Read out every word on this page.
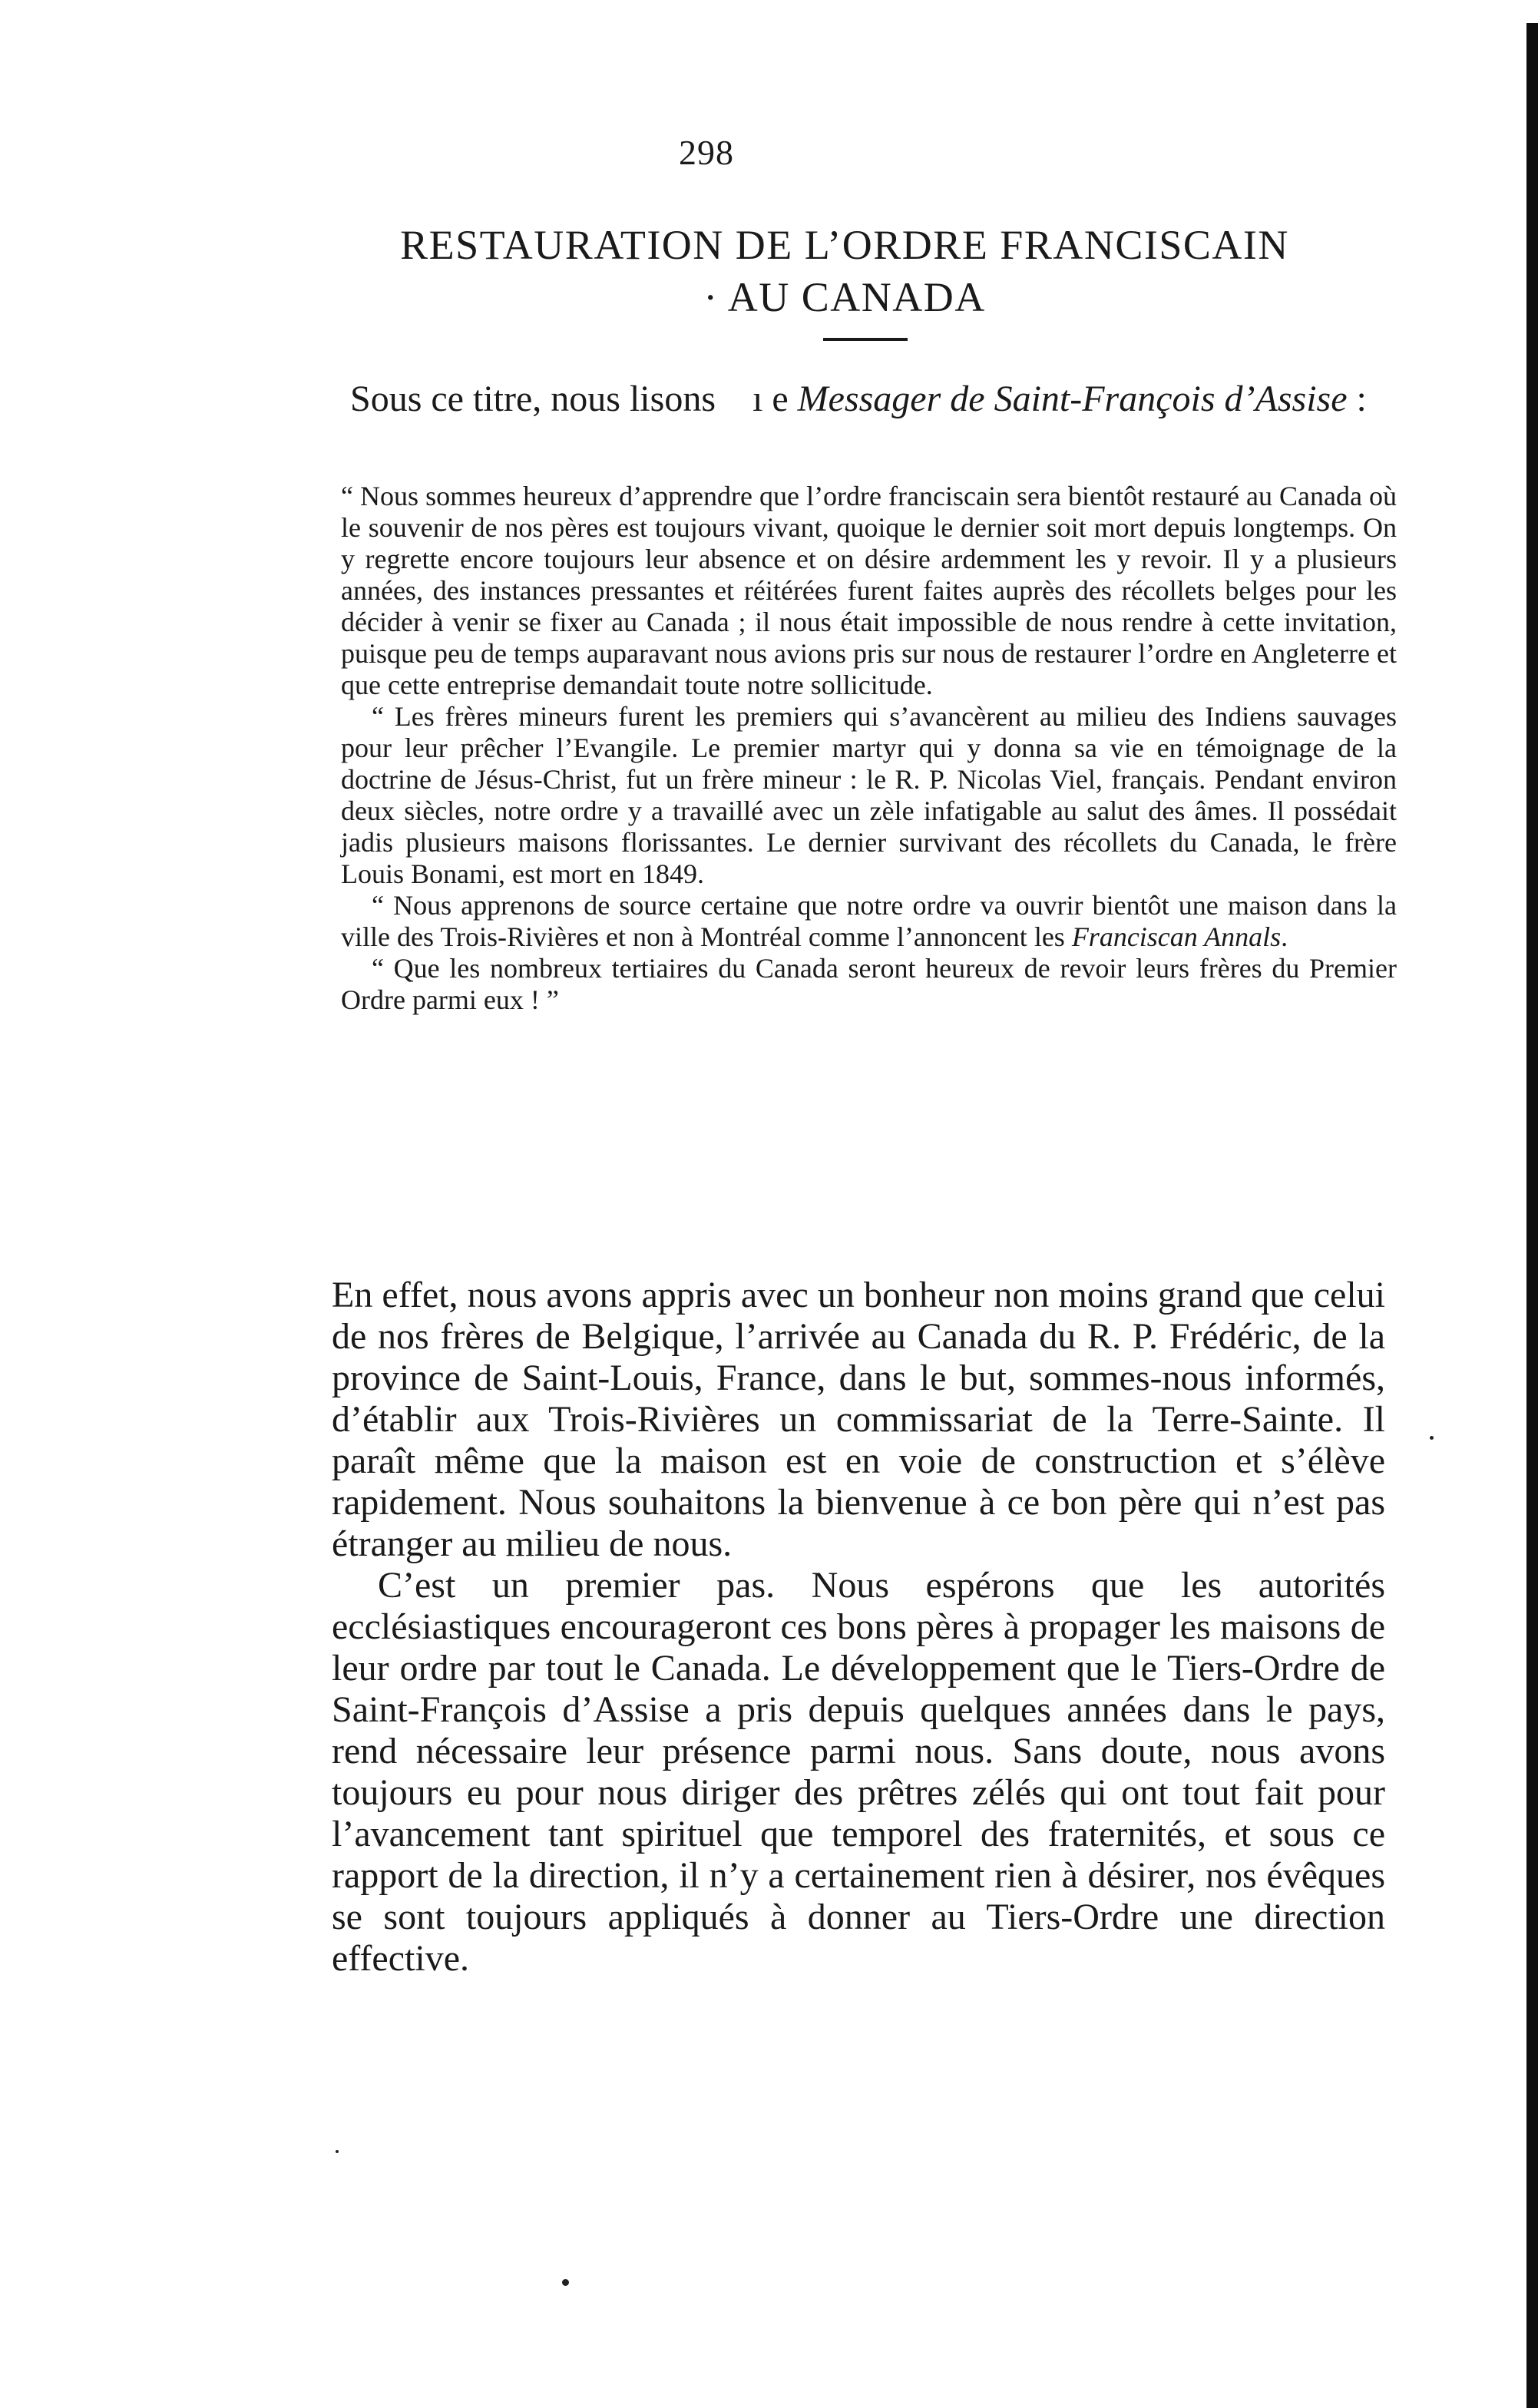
298
RESTAURATION DE L’ORDRE FRANCISCAIN
· AU CANADA
Sous ce titre, nous lisons    ı e Messager de Saint-François d’Assise :

“ Nous sommes heureux d’apprendre que l’ordre franciscain sera bientôt restauré au Canada où le souvenir de nos pères est toujours vivant, quoique le dernier soit mort depuis longtemps. On y regrette encore toujours leur absence et on désire ardemment les y revoir. Il y a plusieurs années, des instances pressantes et réitérées furent faites auprès des récollets belges pour les décider à venir se fixer au Canada ; il nous était impossible de nous rendre à cette invitation, puisque peu de temps auparavant nous avions pris sur nous de restaurer l’ordre en Angleterre et que cette entreprise demandait toute notre sollicitude.

“ Les frères mineurs furent les premiers qui s’avancèrent au milieu des Indiens sauvages pour leur prêcher l’Evangile. Le premier martyr qui y donna sa vie en témoignage de la doctrine de Jésus-Christ, fut un frère mineur : le R. P. Nicolas Viel, français. Pendant environ deux siècles, notre ordre y a travaillé avec un zèle infatigable au salut des âmes. Il possédait jadis plusieurs maisons florissantes. Le dernier survivant des récollets du Canada, le frère Louis Bonami, est mort en 1849.

“ Nous apprenons de source certaine que notre ordre va ouvrir bientôt une maison dans la ville des Trois-Rivières et non à Montréal comme l’annoncent les Franciscan Annals.

“ Que les nombreux tertiaires du Canada seront heureux de revoir leurs frères du Premier Ordre parmi eux ! ”

En effet, nous avons appris avec un bonheur non moins grand que celui de nos frères de Belgique, l’arrivée au Canada du R. P. Frédéric, de la province de Saint-Louis, France, dans le but, sommes-nous informés, d’établir aux Trois-Rivières un commissariat de la Terre-Sainte. Il paraît même que la maison est en voie de construction et s’élève rapidement. Nous souhaitons la bienvenue à ce bon père qui n’est pas étranger au milieu de nous.

C’est un premier pas. Nous espérons que les autorités ecclésiastiques encourageront ces bons pères à propager les maisons de leur ordre par tout le Canada. Le développement que le Tiers-Ordre de Saint-François d’Assise a pris depuis quelques années dans le pays, rend nécessaire leur présence parmi nous. Sans doute, nous avons toujours eu pour nous diriger des prêtres zélés qui ont tout fait pour l’avancement tant spirituel que temporel des fraternités, et sous ce rapport de la direction, il n’y a certainement rien à désirer, nos évêques se sont toujours appliqués à donner au Tiers-Ordre une direction effective.
